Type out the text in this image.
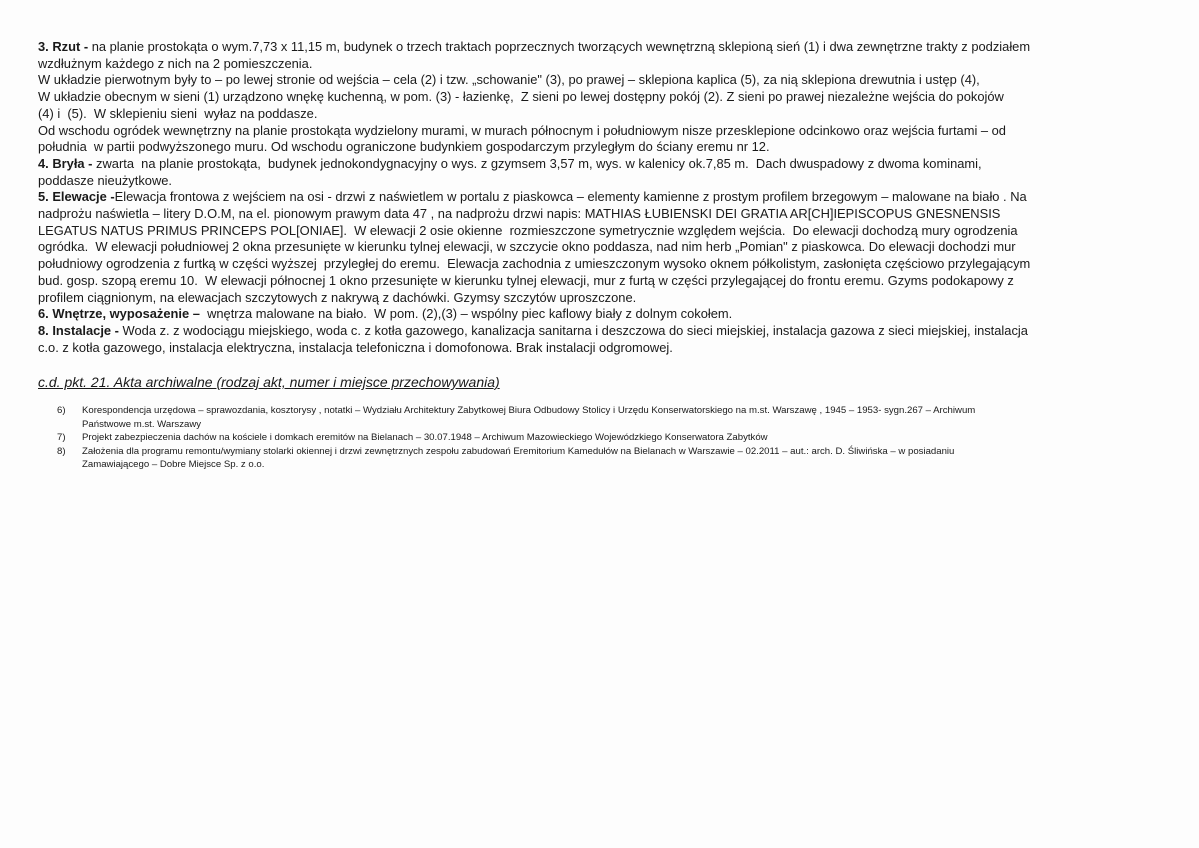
3. Rzut - na planie prostokąta o wym.7,73 x 11,15 m, budynek o trzech traktach poprzecznych tworzących wewnętrzną sklepioną sień (1) i dwa zewnętrzne trakty z podziałem
wzdłużnym każdego z nich na 2 pomieszczenia.
W układzie pierwotnym były to – po lewej stronie od wejścia – cela (2) i tzw. „schowanie" (3), po prawej – sklepiona kaplica (5), za nią sklepiona drewutnia i ustęp (4),
W układzie obecnym w sieni (1) urządzono wnękę kuchenną, w pom. (3) - łazienkę,  Z sieni po lewej dostępny pokój (2). Z sieni po prawej niezależne wejścia do pokojów
(4) i  (5).  W sklepieniu sieni  wyłaz na poddasze.
Od wschodu ogródek wewnętrzny na planie prostokąta wydzielony murami, w murach północnym i południowym nisze przesklepione odcinkowo oraz wejścia furtami – od
południa  w partii podwyższonego muru. Od wschodu ograniczone budynkiem gospodarczym przyległym do ściany eremu nr 12.
4. Bryła - zwarta  na planie prostokąta,  budynek jednokondygnacyjny o wys. z gzymsem 3,57 m, wys. w kalenicy ok.7,85 m.  Dach dwuspadowy z dwoma kominami,
poddasze nieużytkowe.
5. Elewacje -Elewacja frontowa z wejściem na osi - drzwi z naświetlem w portalu z piaskowca – elementy kamienne z prostym profilem brzegowym – malowane na biało . Na
nadprożu naświetla – litery D.O.M, na el. pionowym prawym data 47 , na nadprożu drzwi napis: MATHIAS ŁUBIENSKI DEI GRATIA AR[CH]IEPISCOPUS GNESNENSIS
LEGATUS NATUS PRIMUS PRINCEPS POL[ONIAE].  W elewacji 2 osie okienne  rozmieszczone symetrycznie względem wejścia.  Do elewacji dochodzą mury ogrodzenia
ogródka.  W elewacji południowej 2 okna przesunięte w kierunku tylnej elewacji, w szczycie okno poddasza, nad nim herb „Pomian" z piaskowca. Do elewacji dochodzi mur
południowy ogrodzenia z furtką w części wyższej  przyległej do eremu.  Elewacja zachodnia z umieszczonym wysoko oknem półkolistym, zasłonięta częściowo przylegającym
bud. gosp. szopą eremu 10.  W elewacji północnej 1 okno przesunięte w kierunku tylnej elewacji, mur z furtą w części przylegającej do frontu eremu. Gzyms podokapowy z
profilem ciągnionym, na elewacjach szczytowych z nakrywą z dachówki. Gzymsy szczytów uproszczone.
6. Wnętrze, wyposażenie –  wnętrza malowane na biało.  W pom. (2),(3) – wspólny piec kaflowy biały z dolnym cokołem.
8. Instalacje - Woda z. z wodociągu miejskiego, woda c. z kotła gazowego, kanalizacja sanitarna i deszczowa do sieci miejskiej, instalacja gazowa z sieci miejskiej, instalacja
c.o. z kotła gazowego, instalacja elektryczna, instalacja telefoniczna i domofonowa. Brak instalacji odgromowej.
c.d. pkt. 21. Akta archiwalne (rodzaj akt, numer i miejsce przechowywania)
6)	Korespondencja urzędowa – sprawozdania, kosztorysy , notatki – Wydziału Architektury Zabytkowej Biura Odbudowy Stolicy i Urzędu Konserwatorskiego na m.st. Warszawę , 1945 – 1953- sygn.267 – Archiwum
Państwowe m.st. Warszawy
7)	Projekt zabezpieczenia dachów na kościele i domkach eremitów na Bielanach – 30.07.1948 – Archiwum Mazowieckiego Wojewódzkiego Konserwatora Zabytków
8)	Założenia dla programu remontu/wymiany stolarki okiennej i drzwi zewnętrznych zespołu zabudowań Eremitorium Kamedułów na Bielanach w Warszawie – 02.2011 – aut.: arch. D. Śliwińska – w posiadaniu
Zamawiającego – Dobre Miejsce Sp. z o.o.
